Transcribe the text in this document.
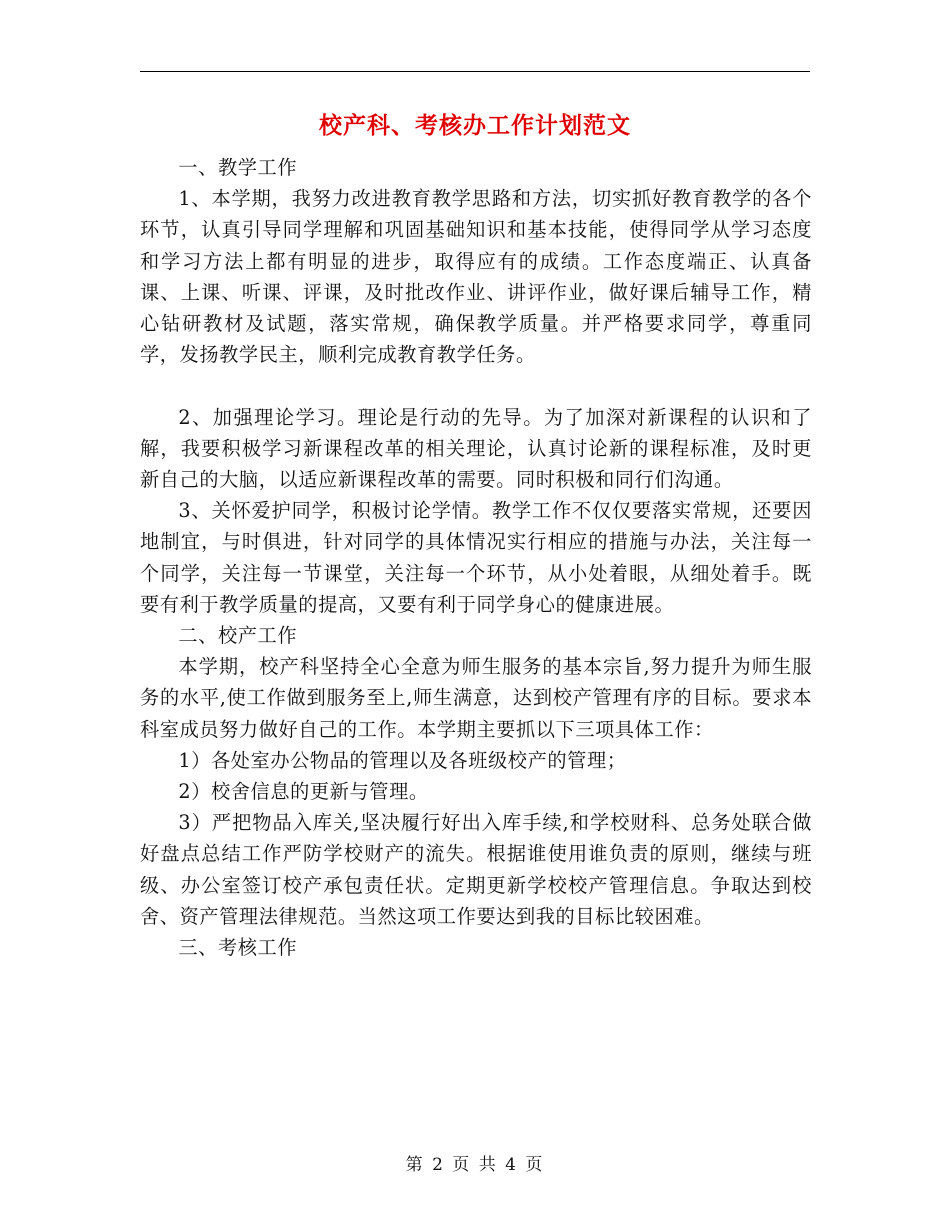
校产科、考核办工作计划范文

一、教学工作

1、本学期，我努力改进教育教学思路和方法，切实抓好教育教学的各个环节，认真引导同学理解和巩固基础知识和基本技能，使得同学从学习态度和学习方法上都有明显的进步，取得应有的成绩。工作态度端正、认真备课、上课、听课、评课，及时批改作业、讲评作业，做好课后辅导工作，精心钻研教材及试题，落实常规，确保教学质量。并严格要求同学，尊重同学，发扬教学民主，顺利完成教育教学任务。

2、加强理论学习。理论是行动的先导。为了加深对新课程的认识和了解，我要积极学习新课程改革的相关理论，认真讨论新的课程标准，及时更新自己的大脑，以适应新课程改革的需要。同时积极和同行们沟通。

3、关怀爱护同学，积极讨论学情。教学工作不仅仅要落实常规，还要因地制宜，与时俱进，针对同学的具体情况实行相应的措施与办法，关注每一个同学，关注每一节课堂，关注每一个环节，从小处着眼，从细处着手。既要有利于教学质量的提高，又要有利于同学身心的健康进展。

二、校产工作

本学期，校产科坚持全心全意为师生服务的基本宗旨,努力提升为师生服务的水平,使工作做到服务至上,师生满意，达到校产管理有序的目标。要求本科室成员努力做好自己的工作。本学期主要抓以下三项具体工作：

1）各处室办公物品的管理以及各班级校产的管理；

2）校舍信息的更新与管理。

3）严把物品入库关,坚决履行好出入库手续,和学校财科、总务处联合做好盘点总结工作严防学校财产的流失。根据谁使用谁负责的原则，继续与班级、办公室签订校产承包责任状。定期更新学校校产管理信息。争取达到校舍、资产管理法律规范。当然这项工作要达到我的目标比较困难。

三、考核工作

第 2 页 共 4 页
